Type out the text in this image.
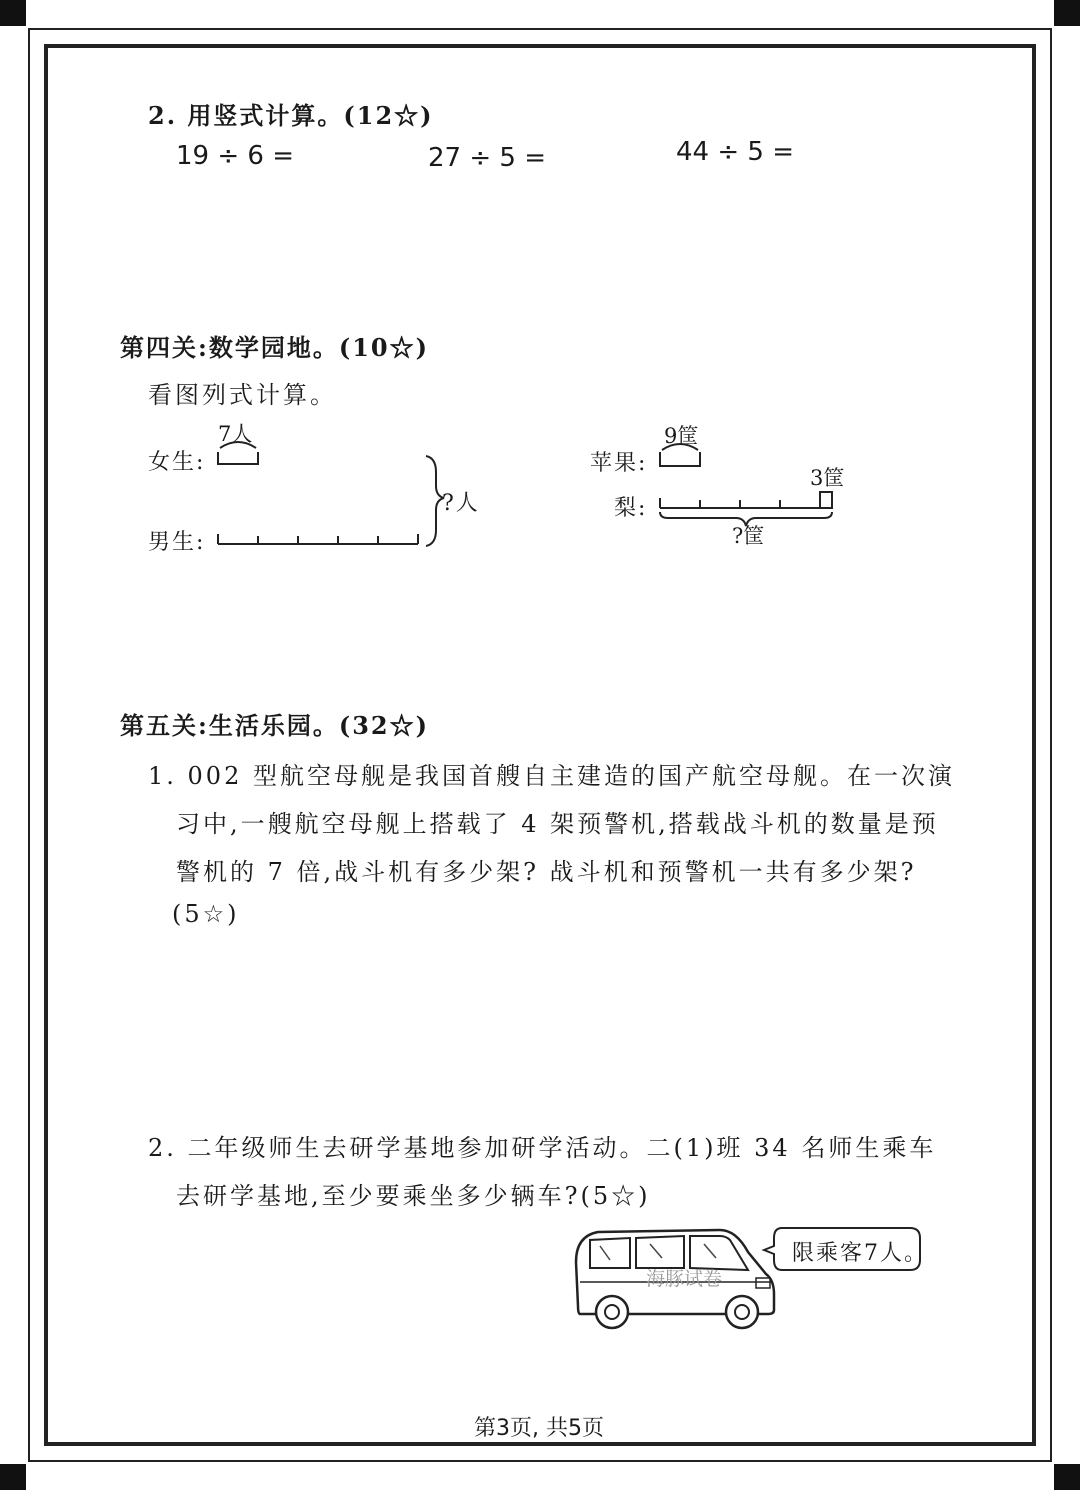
2. 用竖式计算。(12☆)
19 ÷ 6 =	27 ÷ 5 =	44 ÷ 5 =
第四关:数学园地。(10☆)
看图列式计算。
7人
女生:
男生:
?人
9筐
苹果:
3筐
梨:
?筐
第五关:生活乐园。(32☆)
1. 002 型航空母舰是我国首艘自主建造的国产航空母舰。在一次演
习中,一艘航空母舰上搭载了 4 架预警机,搭载战斗机的数量是预
警机的 7 倍,战斗机有多少架? 战斗机和预警机一共有多少架?
(5☆)
2. 二年级师生去研学基地参加研学活动。二(1)班 34 名师生乘车
去研学基地,至少要乘坐多少辆车?(5☆)
海豚试卷
限乘客7人。
第3页, 共5页
